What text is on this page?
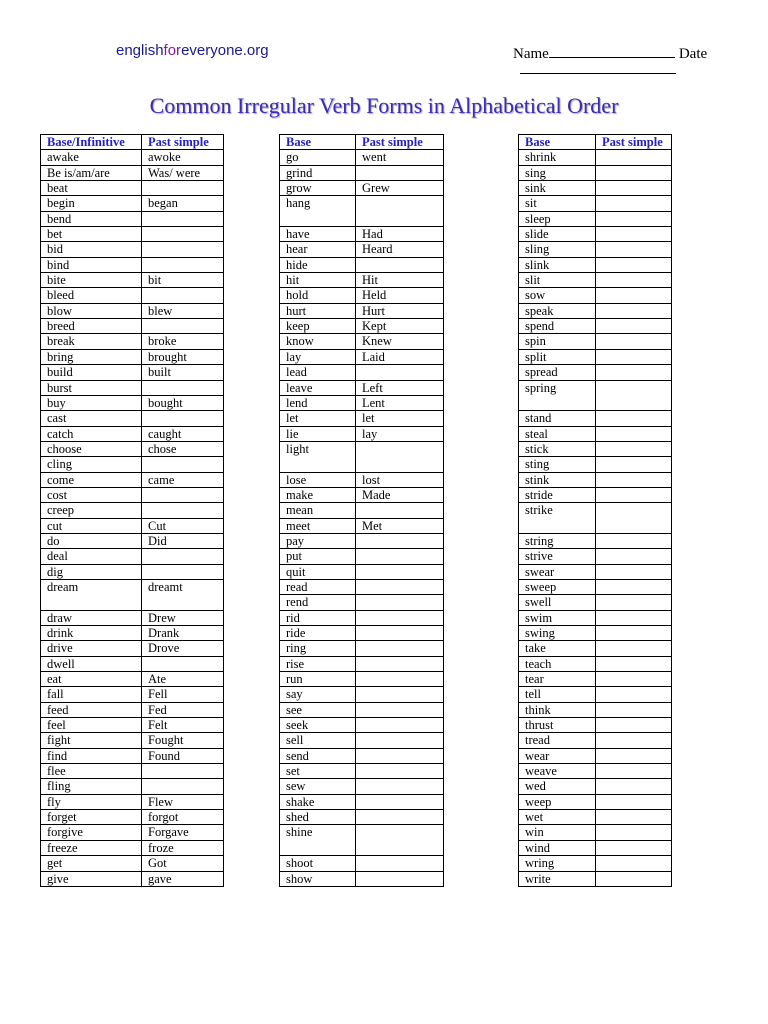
englishforeveryone.org	Name	Date
Common Irregular Verb Forms in Alphabetical Order
Base/Infinitive	Past simple
awake	awoke
Be is/am/are	Was/ were
beat	
begin	began
bend	
bet	
bid	
bind	
bite	bit
bleed	
blow	blew
breed	
break	broke
bring	brought
build	built
burst	
buy	bought
cast	
catch	caught
choose	chose
cling	
come	came
cost	
creep	
cut	Cut
do	Did
deal	
dig	
dream	dreamt
draw	Drew
drink	Drank
drive	Drove
dwell	
eat	Ate
fall	Fell
feed	Fed
feel	Felt
fight	Fought
find	Found
flee	
fling	
fly	Flew
forget	forgot
forgive	Forgave
freeze	froze
get	Got
give	gave
Base	Past simple
go	went
grind	
grow	Grew
hang	
have	Had
hear	Heard
hide	
hit	Hit
hold	Held
hurt	Hurt
keep	Kept
know	Knew
lay	Laid
lead	
leave	Left
lend	Lent
let	let
lie	lay
light	
lose	lost
make	Made
mean	
meet	Met
pay	
put	
quit	
read	
rend	
rid	
ride	
ring	
rise	
run	
say	
see	
seek	
sell	
send	
set	
sew	
shake	
shed	
shine	
shoot	
show	
Base	Past simple
shrink	
sing	
sink	
sit	
sleep	
slide	
sling	
slink	
slit	
sow	
speak	
spend	
spin	
split	
spread	
spring	
stand	
steal	
stick	
sting	
stink	
stride	
strike	
string	
strive	
swear	
sweep	
swell	
swim	
swing	
take	
teach	
tear	
tell	
think	
thrust	
tread	
wear	
weave	
wed	
weep	
wet	
win	
wind	
wring	
write	
